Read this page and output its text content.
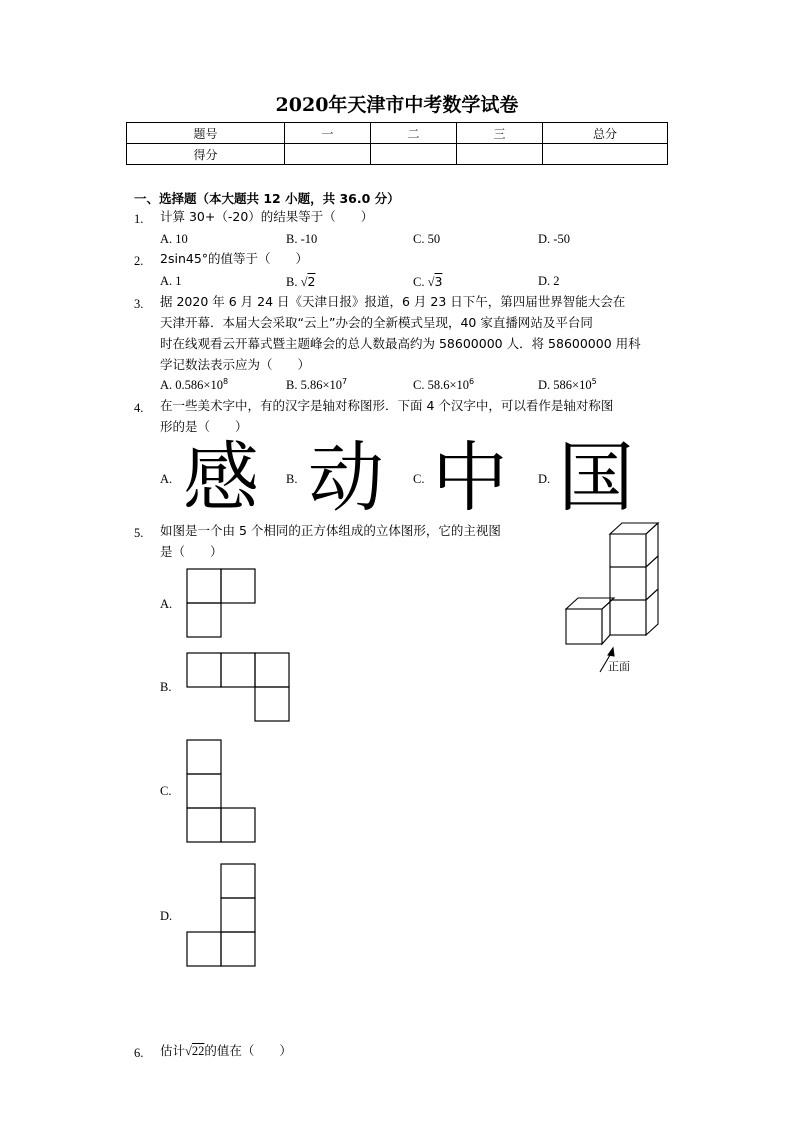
2020年天津市中考数学试卷
题号	一	二	三	总分
得分				
一、选择题（本大题共 12 小题，共 36.0 分）
1. 计算 30+（-20）的结果等于（　　）
A. 10	B. -10	C. 50	D. -50
2. 2sin45°的值等于（　　）
A. 1	B. √2	C. √3	D. 2
3. 据 2020 年 6 月 24 日《天津日报》报道，6 月 23 日下午，第四届世界智能大会在
天津开幕．本届大会采取“云上”办会的全新模式呈现，40 家直播网站及平台同
时在线观看云开幕式暨主题峰会的总人数最高约为 58600000 人．将 58600000 用科
学记数法表示应为（　　）
A. $0.586\times 10^8$	B. $5.86\times 10^7$	C. $58.6\times 10^6$	D. $586\times 10^5$
4. 在一些美术字中，有的汉字是轴对称图形．下面 4 个汉字中，可以看作是轴对称图
形的是（　　）
A. 感 B. 动 C. 中 D. 国
5. 如图是一个由 5 个相同的正方体组成的立体图形，它的主视图
是（　　）
A.
B.
C.
D.
正面
6. 估计√22的值在（　　）
